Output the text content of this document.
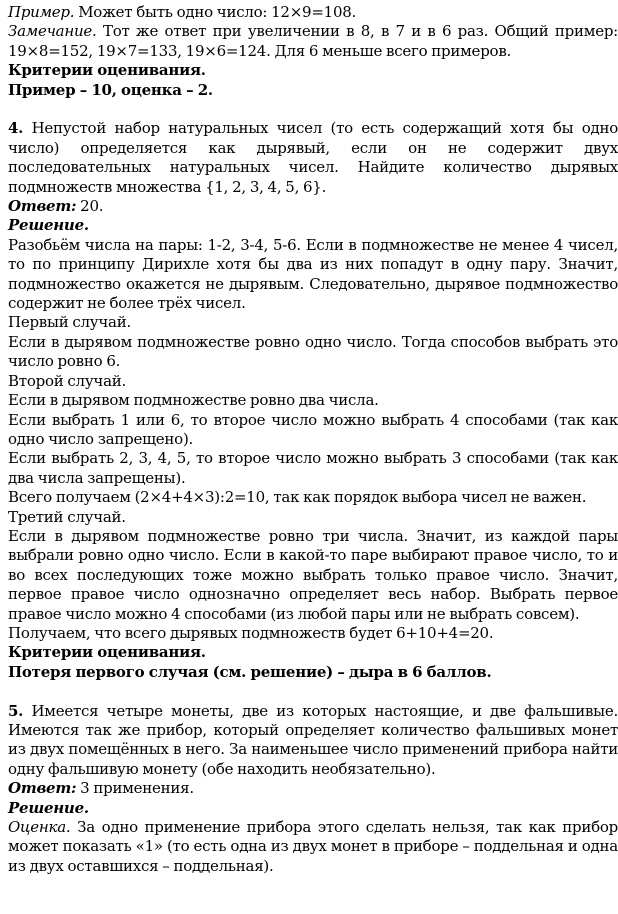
Пример. Может быть одно число: 12×9=108.

Замечание. Тот же ответ при увеличении в 8, в 7 и в 6 раз. Общий пример: 19×8=152, 19×7=133, 19×6=124. Для 6 меньше всего примеров.

Критерии оценивания.

Пример – 10, оценка – 2.

4. Непустой набор натуральных чисел (то есть содержащий хотя бы одно число) определяется как дырявый, если он не содержит двух последовательных натуральных чисел. Найдите количество дырявых подмножеств множества {1, 2, 3, 4, 5, 6}.

Ответ: 20.

Решение.

Разобьём числа на пары: 1-2, 3-4, 5-6. Если в подмножестве не менее 4 чисел, то по принципу Дирихле хотя бы два из них попадут в одну пару. Значит, подмножество окажется не дырявым. Следовательно, дырявое подмножество содержит не более трёх чисел.

Первый случай.

Если в дырявом подмножестве ровно одно число. Тогда способов выбрать это число ровно 6.

Второй случай.

Если в дырявом подмножестве ровно два числа.

Если выбрать 1 или 6, то второе число можно выбрать 4 способами (так как одно число запрещено).

Если выбрать 2, 3, 4, 5, то второе число можно выбрать 3 способами (так как два числа запрещены).

Всего получаем (2×4+4×3):2=10, так как порядок выбора чисел не важен.

Третий случай.

Если в дырявом подмножестве ровно три числа. Значит, из каждой пары выбрали ровно одно число. Если в какой-то паре выбирают правое число, то и во всех последующих тоже можно выбрать только правое число. Значит, первое правое число однозначно определяет весь набор. Выбрать первое правое число можно 4 способами (из любой пары или не выбрать совсем).

Получаем, что всего дырявых подмножеств будет 6+10+4=20.

Критерии оценивания.

Потеря первого случая (см. решение) – дыра в 6 баллов.

5. Имеется четыре монеты, две из которых настоящие, и две фальшивые. Имеются так же прибор, который определяет количество фальшивых монет из двух помещённых в него. За наименьшее число применений прибора найти одну фальшивую монету (обе находить необязательно).

Ответ: 3 применения.

Решение.

Оценка. За одно применение прибора этого сделать нельзя, так как прибор может показать «1» (то есть одна из двух монет в приборе – поддельная и одна из двух оставшихся – поддельная).
